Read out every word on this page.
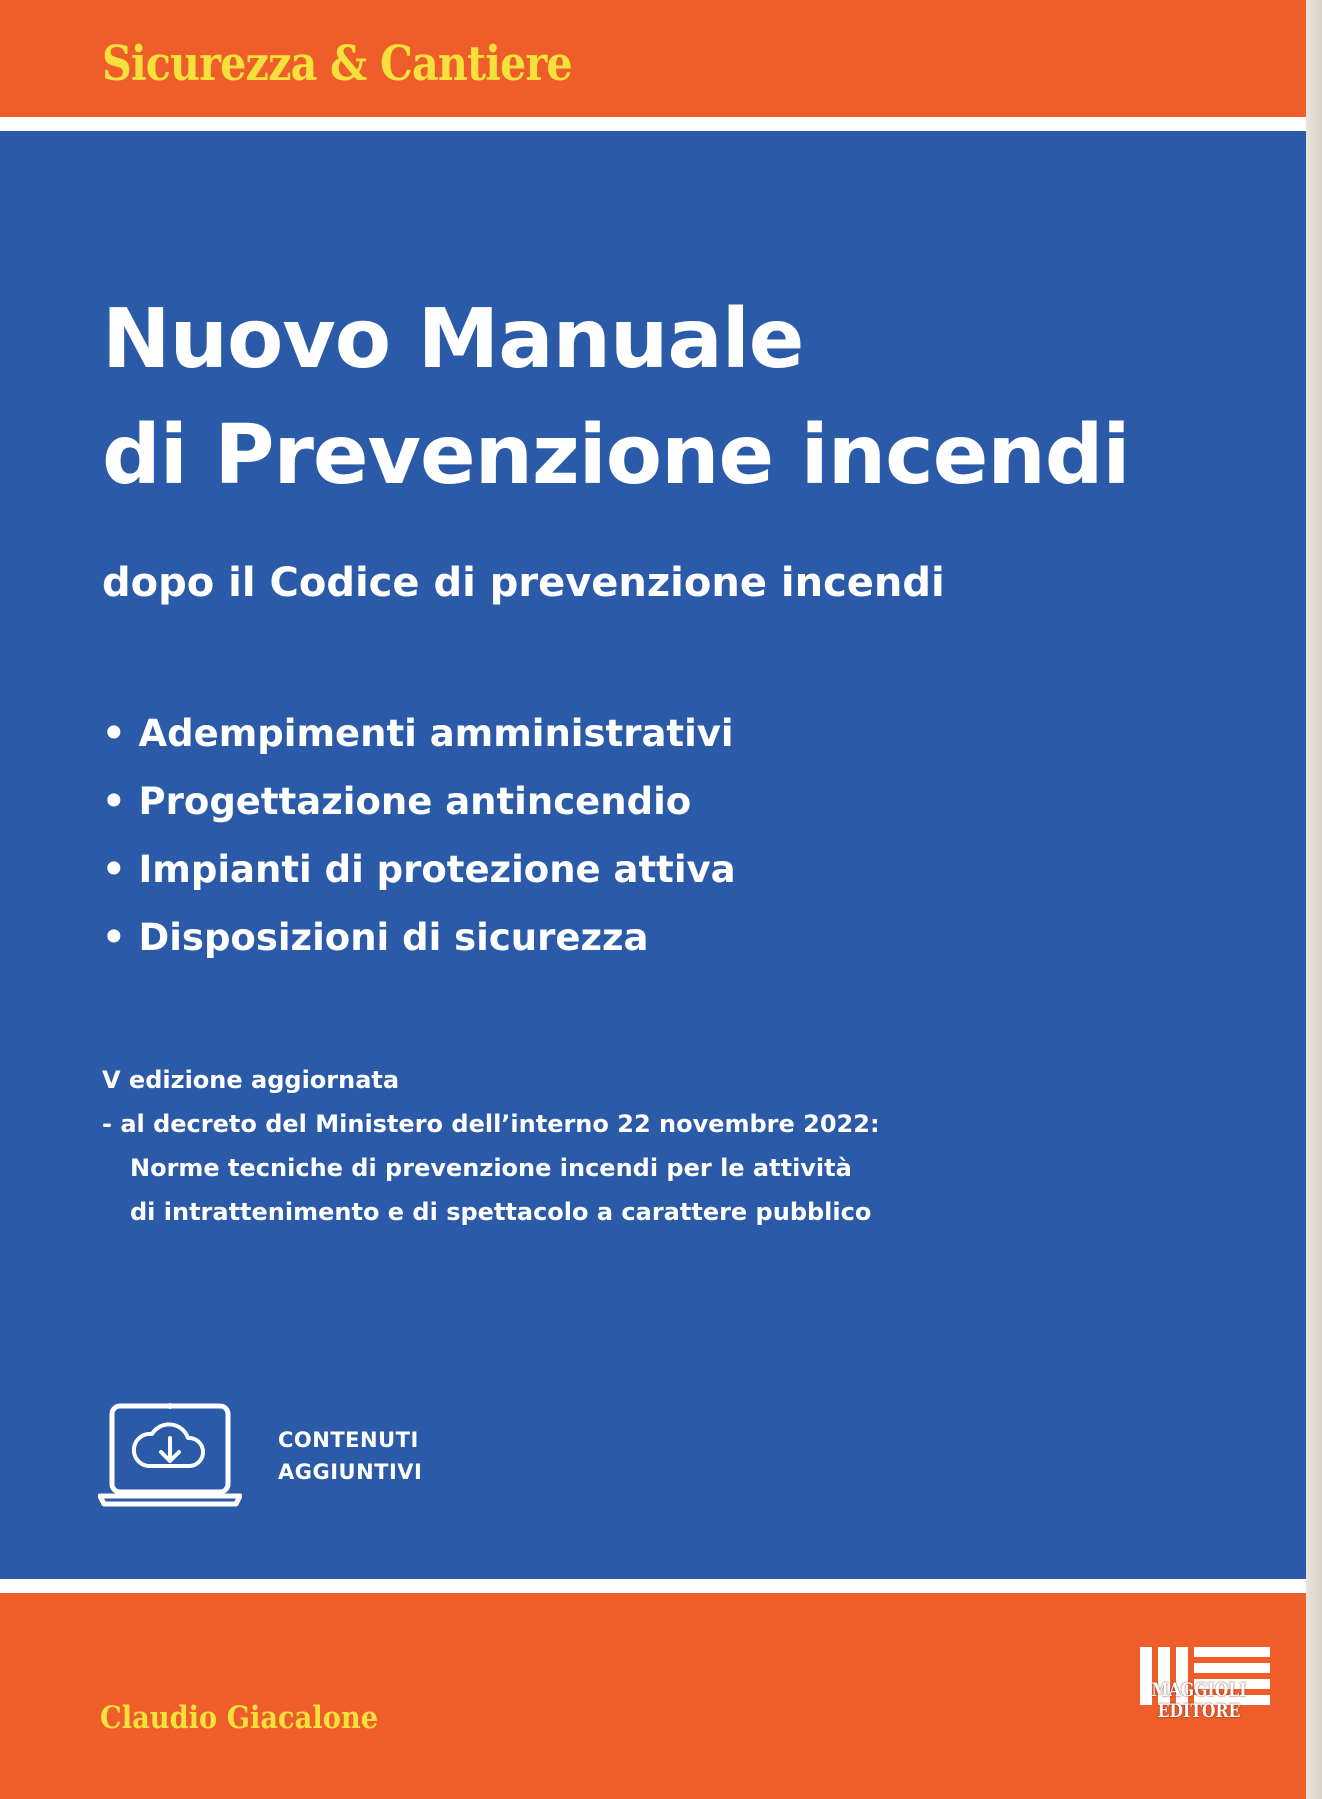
Sicurezza & Cantiere
Nuovo Manuale
di Prevenzione incendi
dopo il Codice di prevenzione incendi
• Adempimenti amministrativi
• Progettazione antincendio
• Impianti di protezione attiva
• Disposizioni di sicurezza
V edizione aggiornata
- al decreto del Ministero dell’interno 22 novembre 2022:
Norme tecniche di prevenzione incendi per le attività
di intrattenimento e di spettacolo a carattere pubblico
CONTENUTI
AGGIUNTIVI
Claudio Giacalone
MAGGIOLI
EDITORE
